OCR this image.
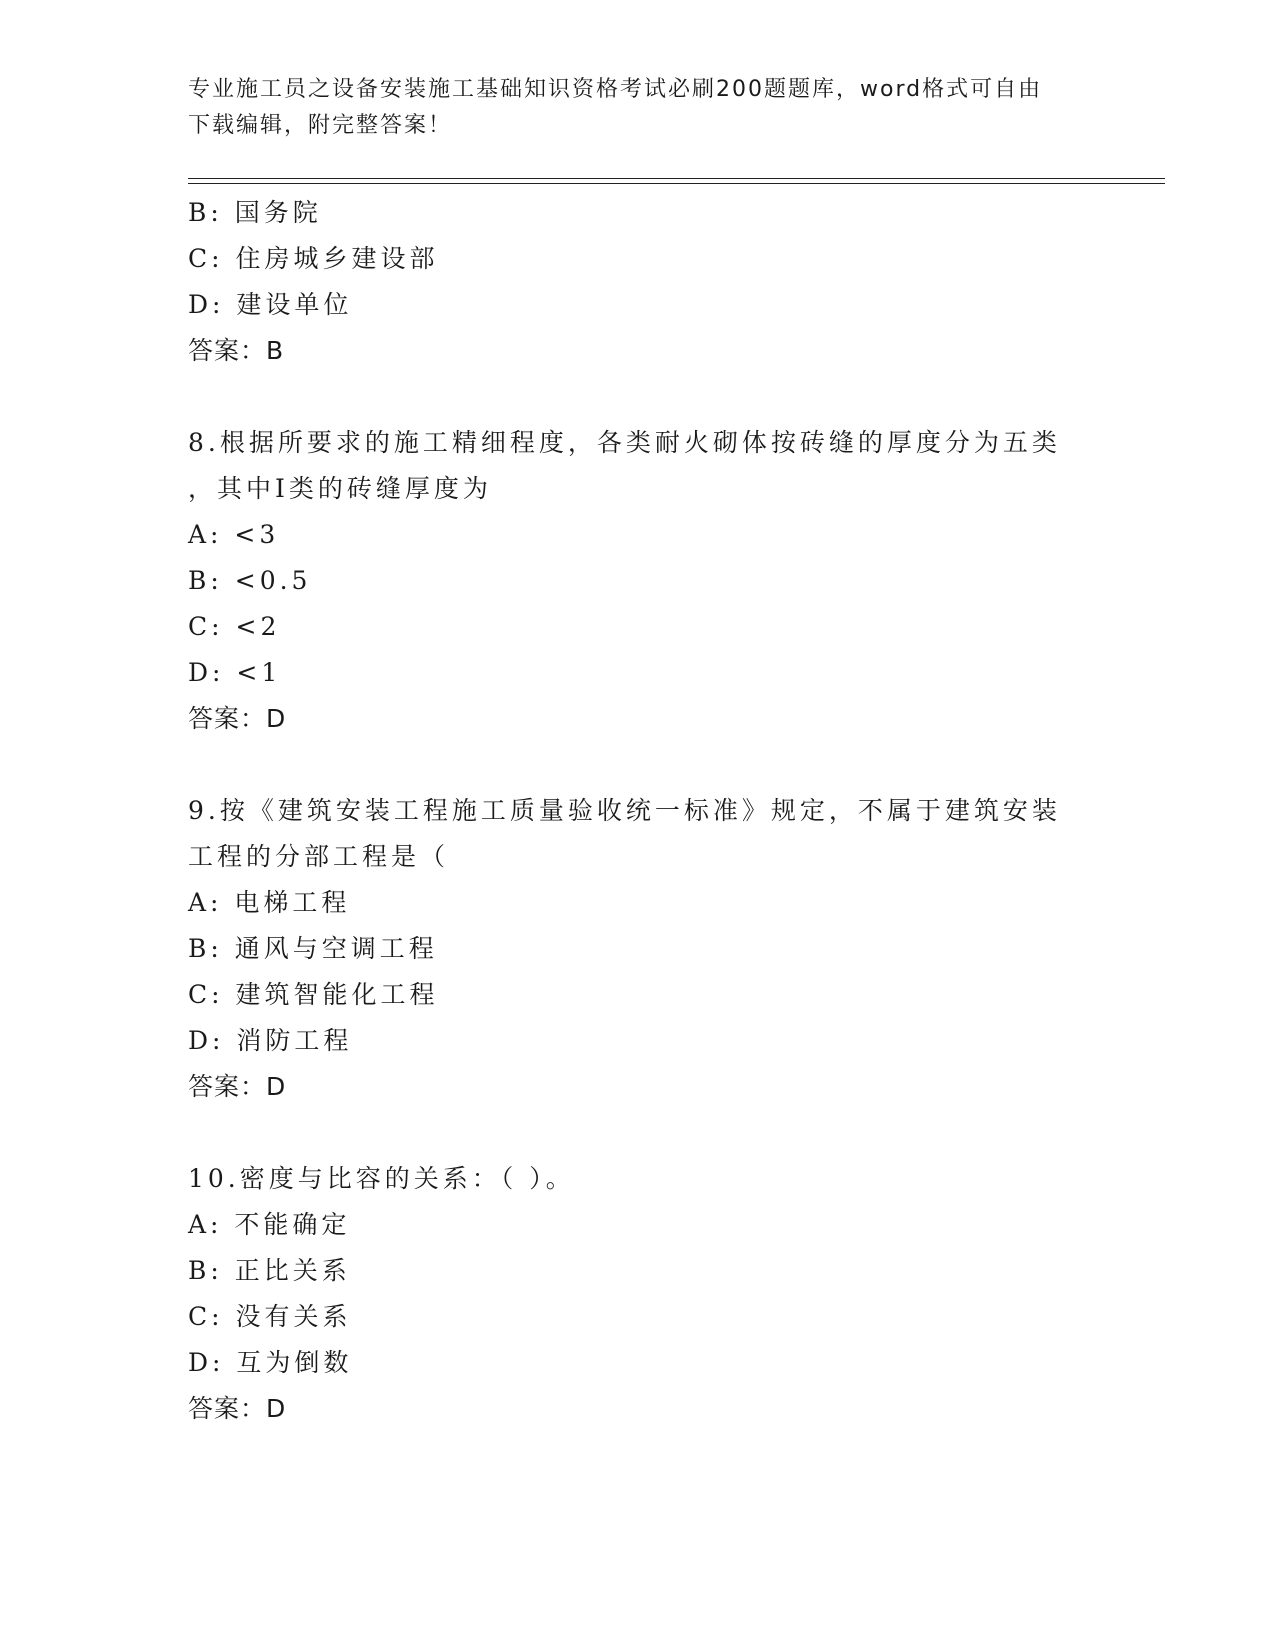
专业施工员之设备安装施工基础知识资格考试必刷200题题库，word格式可自由
下载编辑，附完整答案！
B: 国务院
C: 住房城乡建设部
D: 建设单位
答案：B
8.根据所要求的施工精细程度，各类耐火砌体按砖缝的厚度分为五类
，其中Ⅰ类的砖缝厚度为
A: <3
B: <0.5
C: <2
D: <1
答案：D
9.按《建筑安装工程施工质量验收统一标准》规定，不属于建筑安装
工程的分部工程是（
A: 电梯工程
B: 通风与空调工程
C: 建筑智能化工程
D: 消防工程
答案：D
10.密度与比容的关系：（ ）。
A: 不能确定
B: 正比关系
C: 没有关系
D: 互为倒数
答案：D
